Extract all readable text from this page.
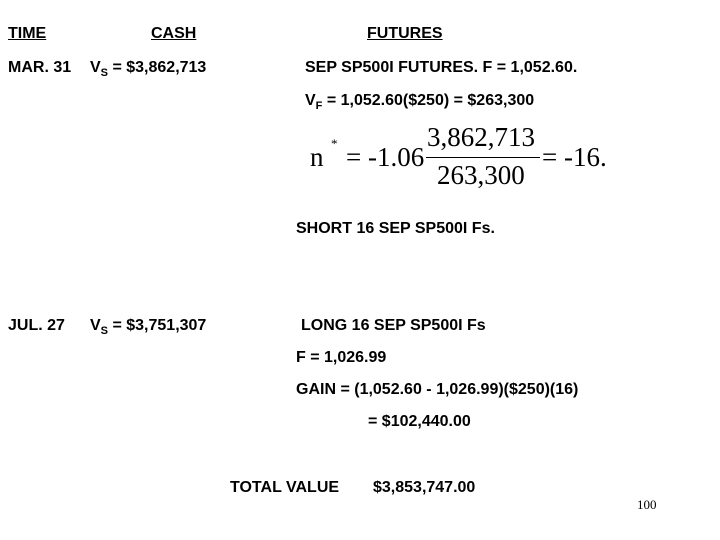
TIME	CASH	FUTURES
MAR. 31 $V_S$ = $3,862,713	SEP SP500I FUTURES. F = 1,052.60.
$V_F$ = 1,052.60($250) = $263,300
n * = -1.06
3,862,713
263,300
= -16.
SHORT 16 SEP SP500I Fs.
JUL. 27 $V_S$ = $3,751,307	LONG 16 SEP SP500I Fs
F = 1,026.99
GAIN = (1,052.60 - 1,026.99)($250)(16)
= $102,440.00
TOTAL VALUE $3,853,747.00
100
